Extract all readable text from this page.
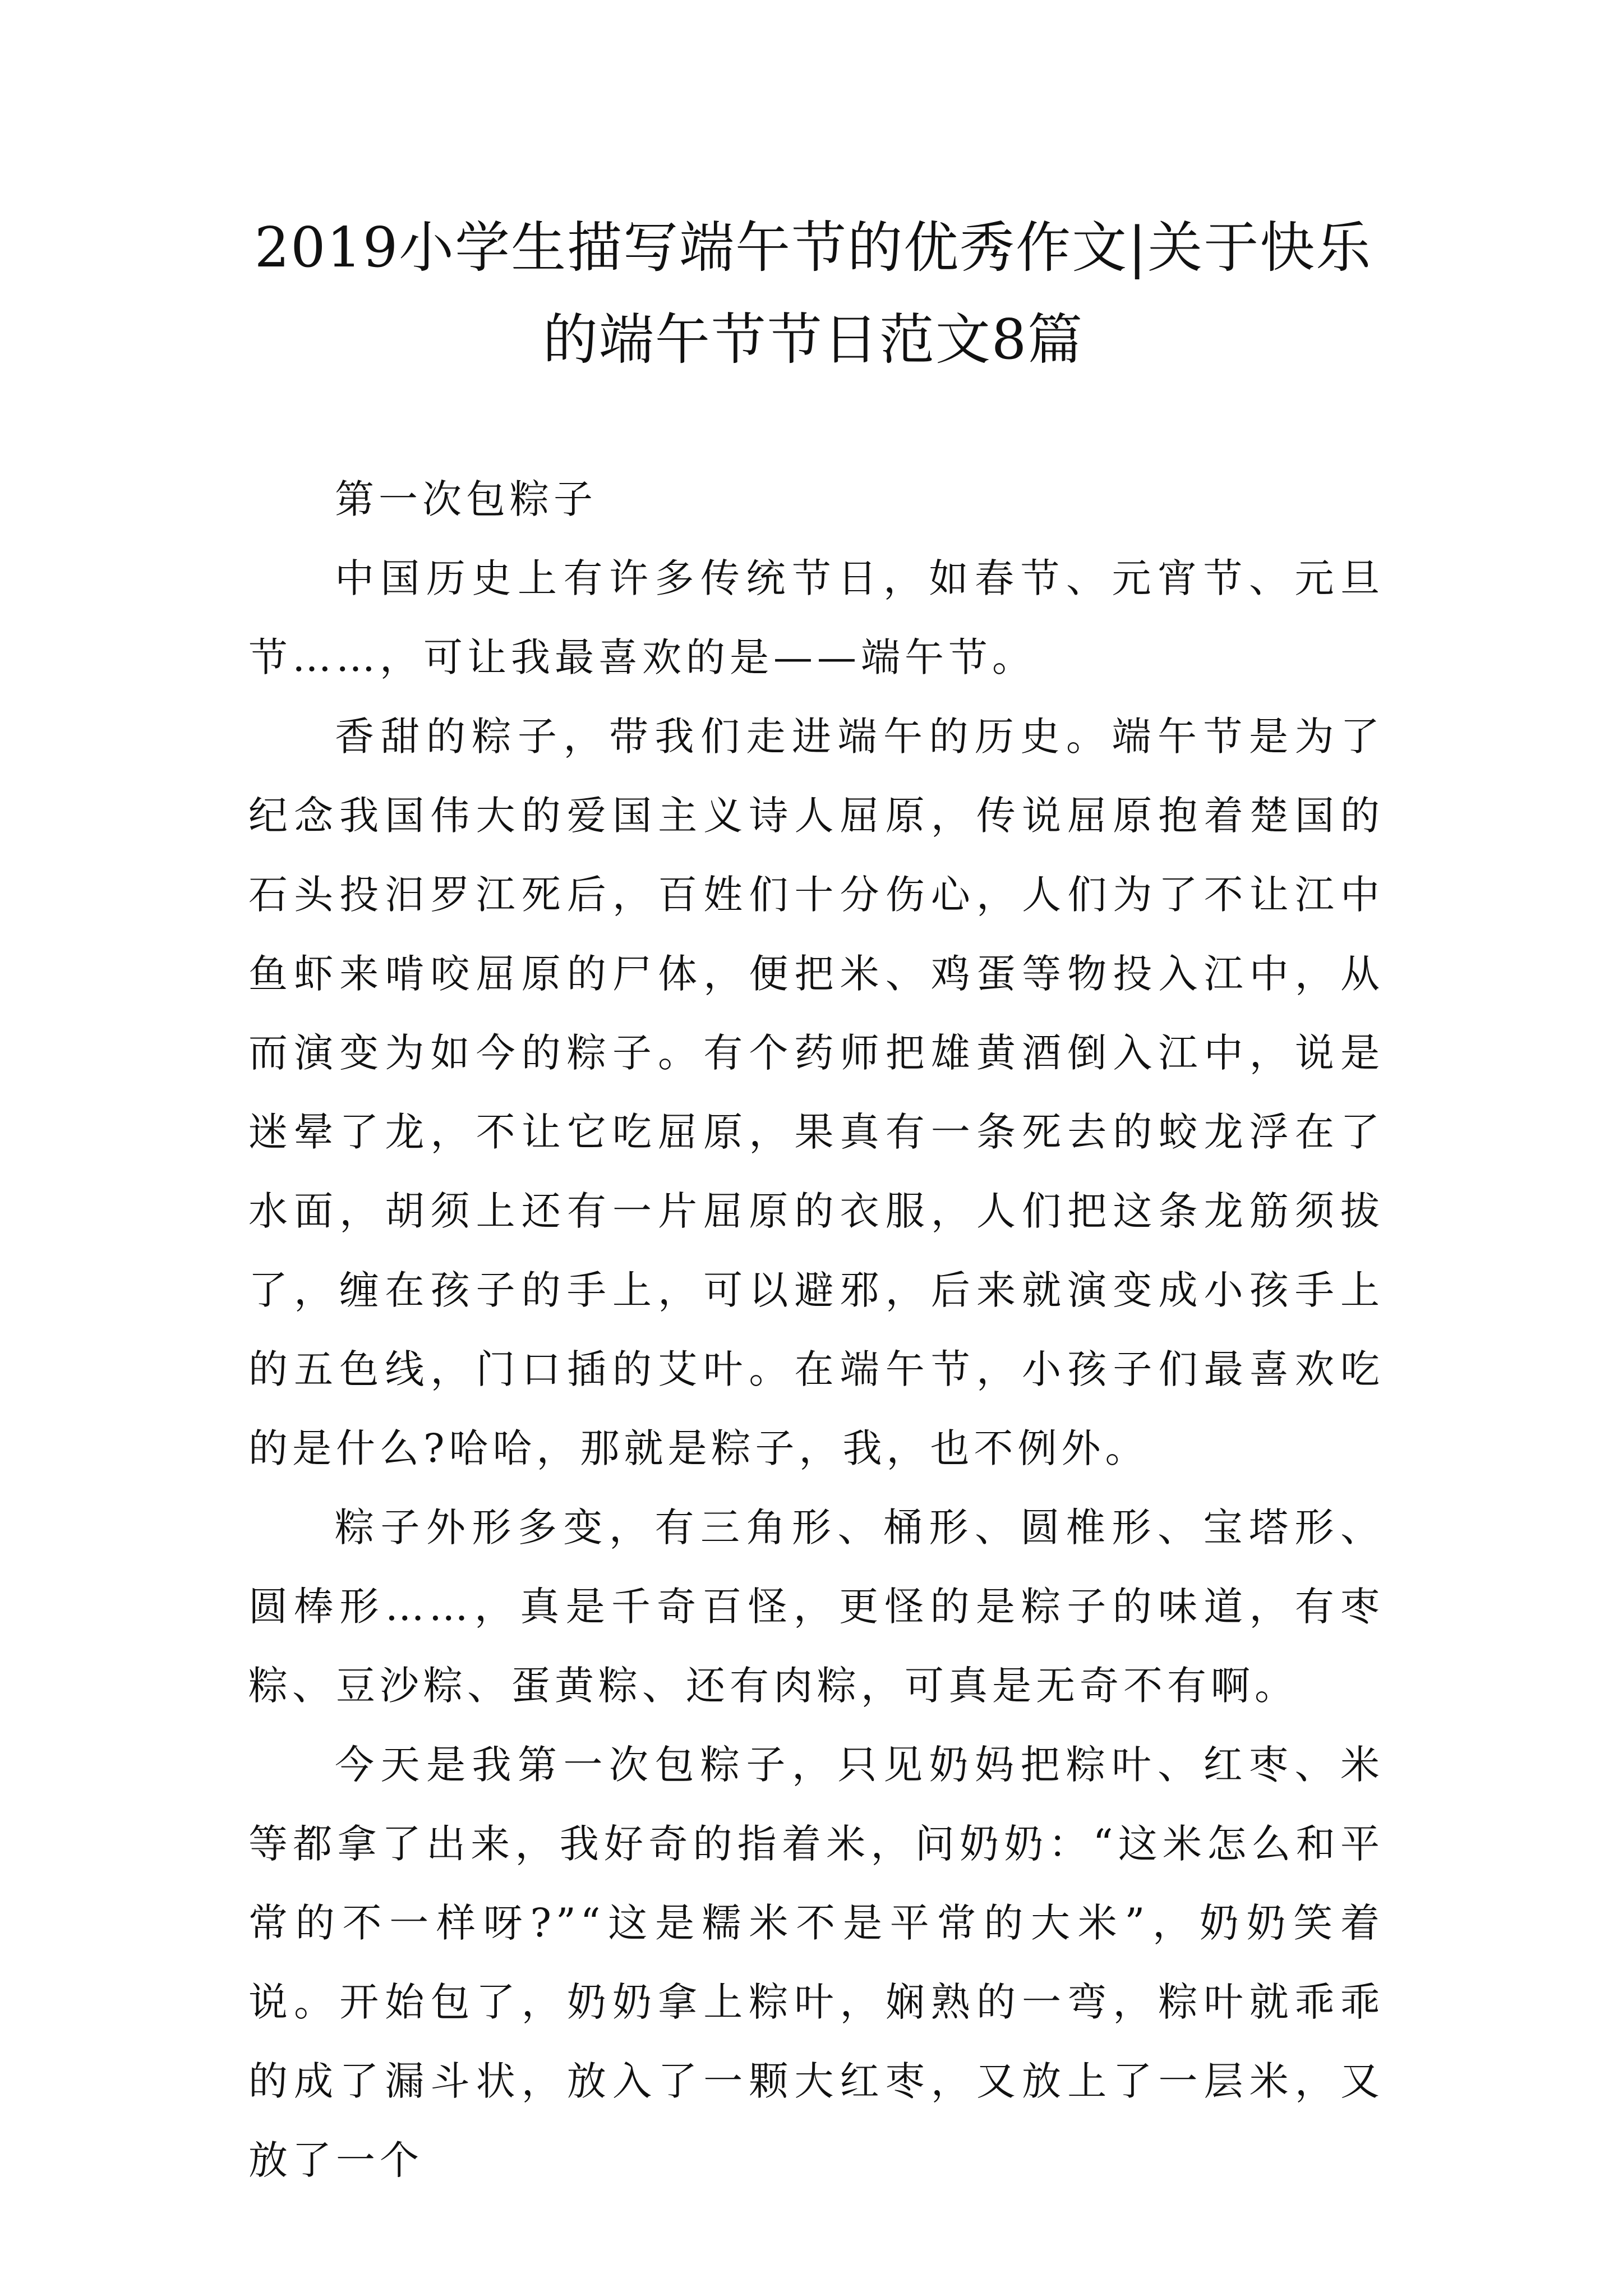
2019小学生描写端午节的优秀作文|关于快乐的端午节节日范文8篇

第一次包粽子

中国历史上有许多传统节日，如春节、元宵节、元旦节……，可让我最喜欢的是——端午节。

香甜的粽子，带我们走进端午的历史。端午节是为了纪念我国伟大的爱国主义诗人屈原，传说屈原抱着楚国的石头投汨罗江死后，百姓们十分伤心，人们为了不让江中鱼虾来啃咬屈原的尸体，便把米、鸡蛋等物投入江中，从而演变为如今的粽子。有个药师把雄黄酒倒入江中，说是迷晕了龙，不让它吃屈原，果真有一条死去的蛟龙浮在了水面，胡须上还有一片屈原的衣服，人们把这条龙筋须拔了，缠在孩子的手上，可以避邪，后来就演变成小孩手上的五色线，门口插的艾叶。在端午节，小孩子们最喜欢吃的是什么?哈哈，那就是粽子，我，也不例外。

粽子外形多变，有三角形、桶形、圆椎形、宝塔形、圆棒形……，真是千奇百怪，更怪的是粽子的味道，有枣粽、豆沙粽、蛋黄粽、还有肉粽，可真是无奇不有啊。

今天是我第一次包粽子，只见奶妈把粽叶、红枣、米等都拿了出来，我好奇的指着米，问奶奶：“这米怎么和平常的不一样呀?”“这是糯米不是平常的大米”，奶奶笑着说。开始包了，奶奶拿上粽叶，娴熟的一弯，粽叶就乖乖的成了漏斗状，放入了一颗大红枣，又放上了一层米，又放了一个
